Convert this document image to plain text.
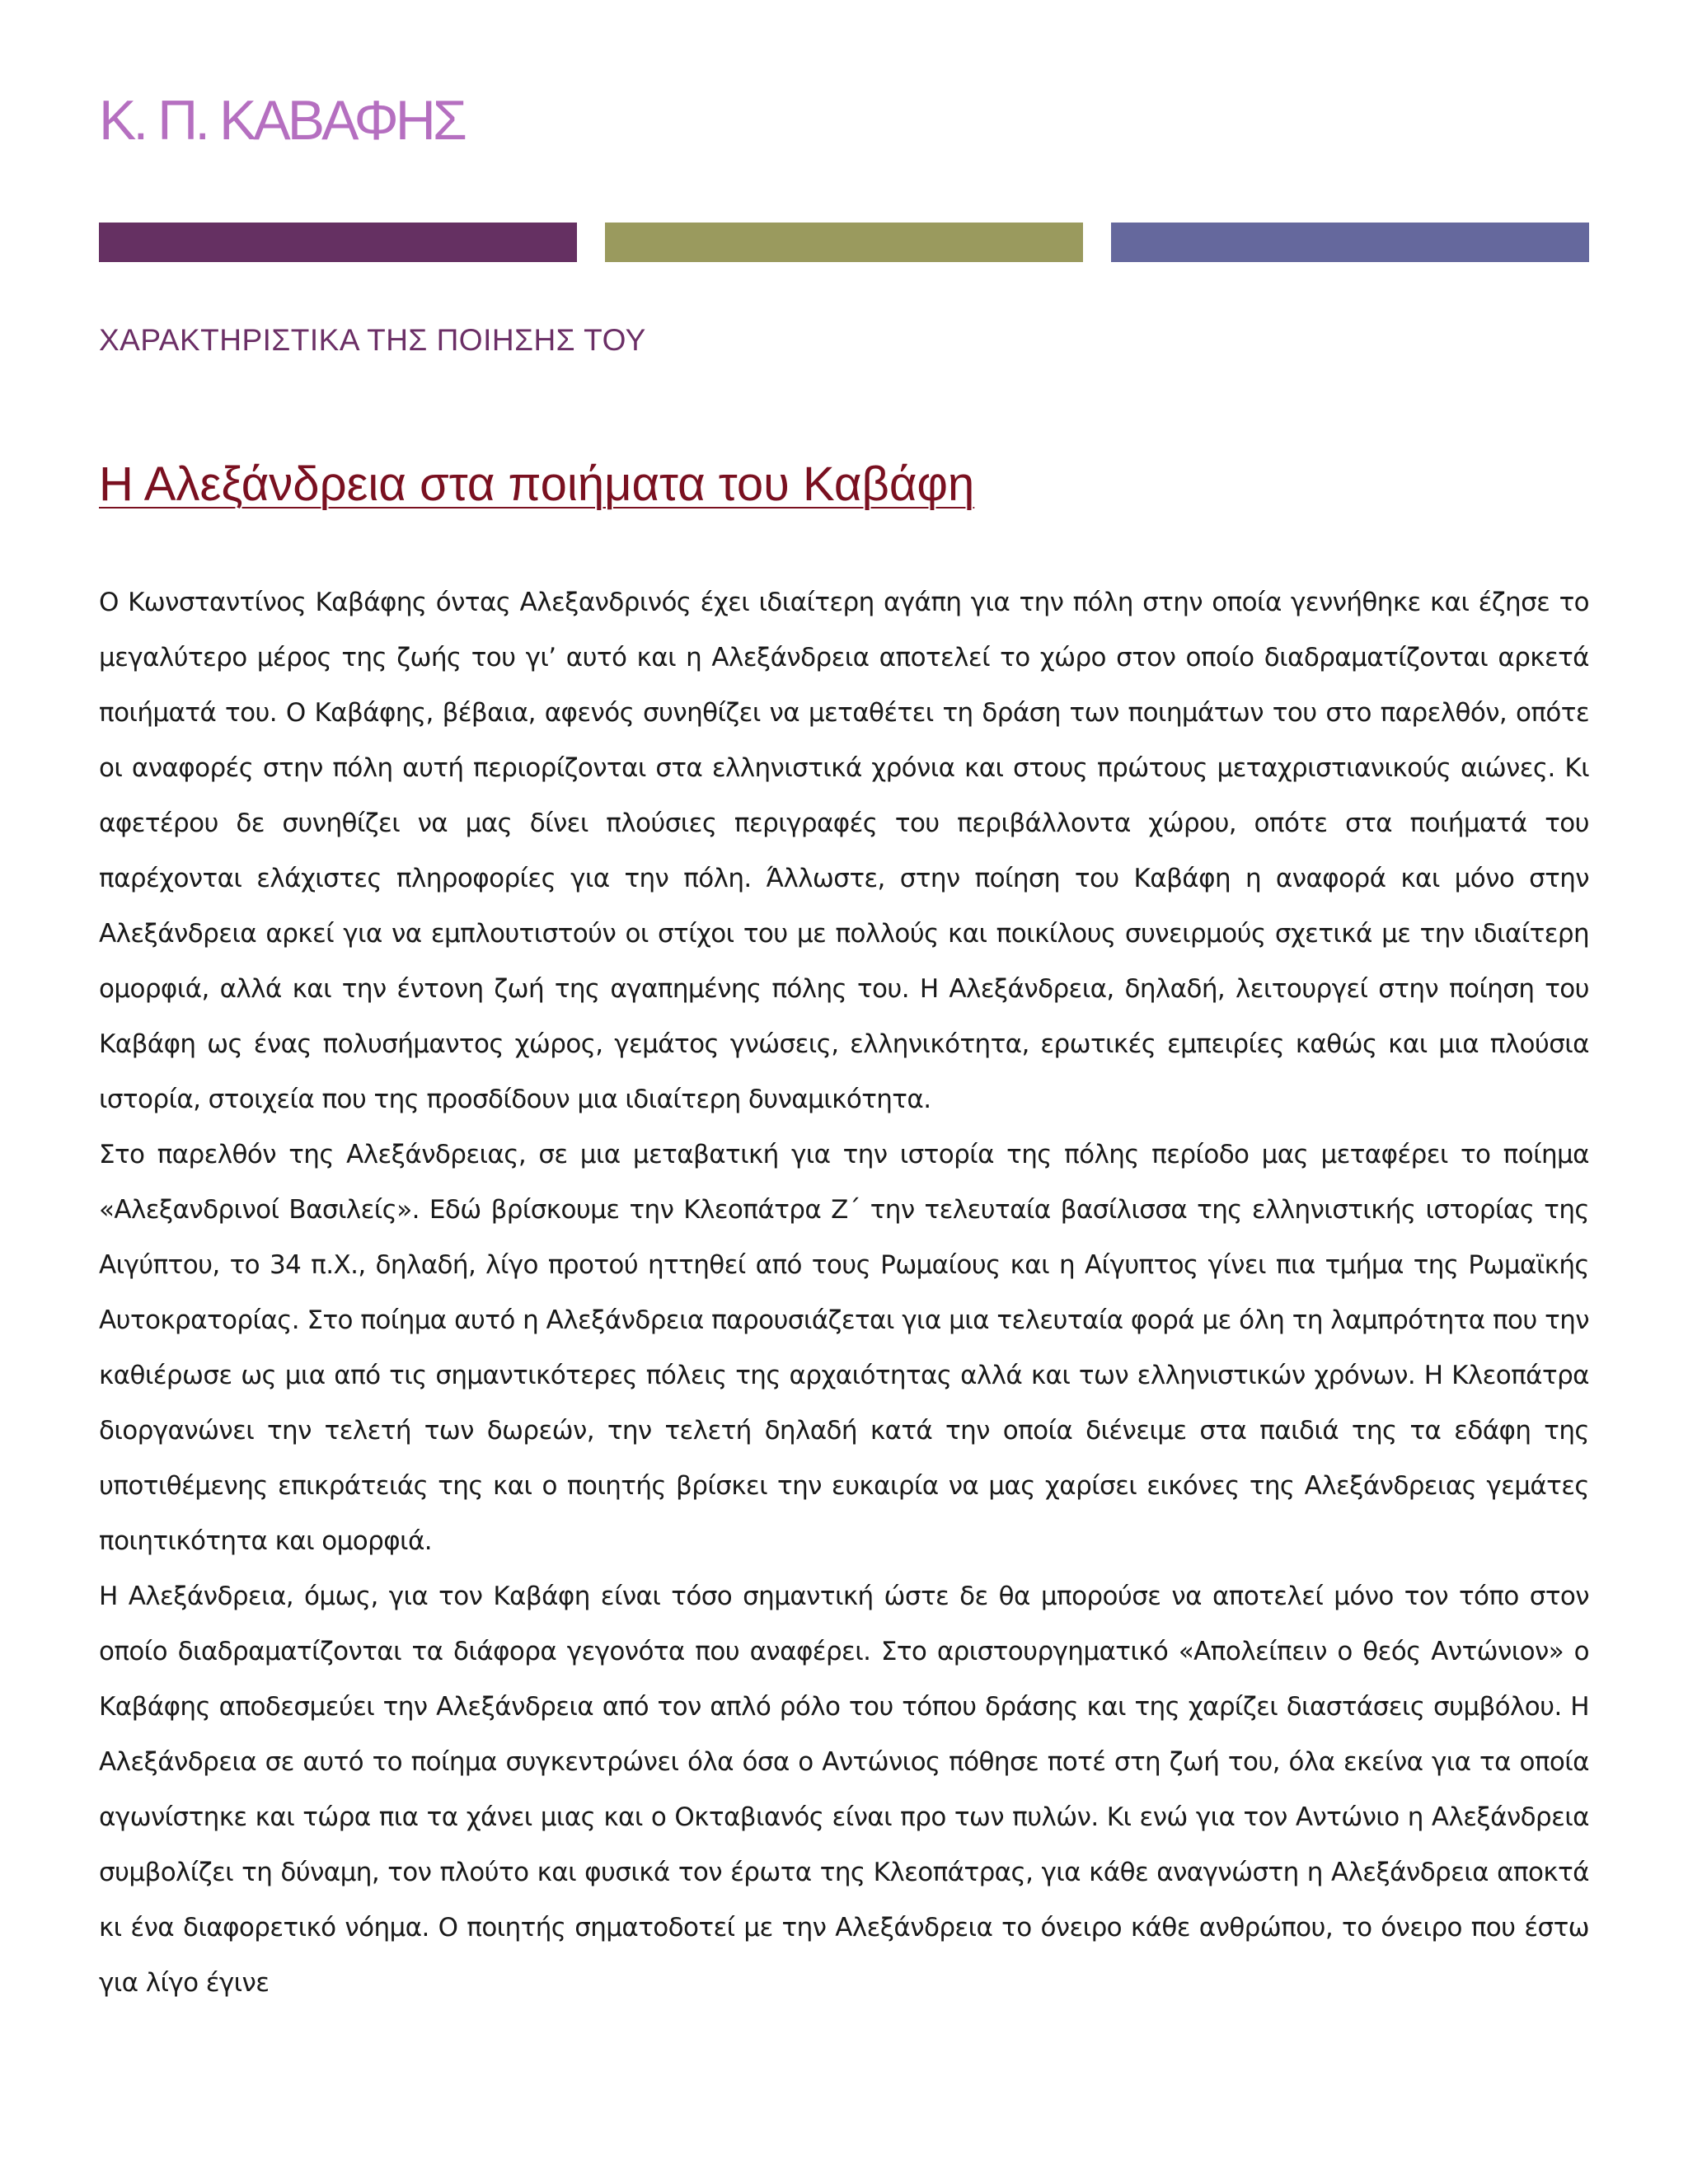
Κ. Π. ΚΑΒΑΦΗΣ
ΧΑΡΑΚΤΗΡΙΣΤΙΚΑ ΤΗΣ ΠΟΙΗΣΗΣ ΤΟΥ
Η Αλεξάνδρεια στα ποιήματα του Καβάφη

Ο Κωνσταντίνος Καβάφης όντας Αλεξανδρινός έχει ιδιαίτερη αγάπη για την πόλη στην οποία γεννήθηκε και έζησε το μεγαλύτερο μέρος της ζωής του γι’ αυτό και η Αλεξάνδρεια αποτελεί το χώρο στον οποίο διαδραματίζονται αρκετά ποιήματά του. Ο Καβάφης, βέβαια, αφενός συνηθίζει να μεταθέτει τη δράση των ποιημάτων του στο παρελθόν, οπότε οι αναφορές στην πόλη αυτή περιορίζονται στα ελληνιστικά χρόνια και στους πρώτους μεταχριστιανικούς αιώνες. Κι αφετέρου δε συνηθίζει να μας δίνει πλούσιες περιγραφές του περιβάλλοντα χώρου, οπότε στα ποιήματά του παρέχονται ελάχιστες πληροφορίες για την πόλη. Άλλωστε, στην ποίηση του Καβάφη η αναφορά και μόνο στην Αλεξάνδρεια αρκεί για να εμπλουτιστούν οι στίχοι του με πολλούς και ποικίλους συνειρμούς σχετικά με την ιδιαίτερη ομορφιά, αλλά και την έντονη ζωή της αγαπημένης πόλης του. Η Αλεξάνδρεια, δηλαδή, λειτουργεί στην ποίηση του Καβάφη ως ένας πολυσήμαντος χώρος, γεμάτος γνώσεις, ελληνικότητα, ερωτικές εμπειρίες καθώς και μια πλούσια ιστορία, στοιχεία που της προσδίδουν μια ιδιαίτερη δυναμικότητα.

Στο παρελθόν της Αλεξάνδρειας, σε μια μεταβατική για την ιστορία της πόλης περίοδο μας μεταφέρει το ποίημα «Αλεξανδρινοί Βασιλείς». Εδώ βρίσκουμε την Κλεοπάτρα Ζ΄ την τελευταία βασίλισσα της ελληνιστικής ιστορίας της Αιγύπτου, το 34 π.Χ., δηλαδή, λίγο προτού ηττηθεί από τους Ρωμαίους και η Αίγυπτος γίνει πια τμήμα της Ρωμαϊκής Αυτοκρατορίας. Στο ποίημα αυτό η Αλεξάνδρεια παρουσιάζεται για μια τελευταία φορά με όλη τη λαμπρότητα που την καθιέρωσε ως μια από τις σημαντικότερες πόλεις της αρχαιότητας αλλά και των ελληνιστικών χρόνων. Η Κλεοπάτρα διοργανώνει την τελετή των δωρεών, την τελετή δηλαδή κατά την οποία διένειμε στα παιδιά της τα εδάφη της υποτιθέμενης επικράτειάς της και ο ποιητής βρίσκει την ευκαιρία να μας χαρίσει εικόνες της Αλεξάνδρειας γεμάτες ποιητικότητα και ομορφιά.

Η Αλεξάνδρεια, όμως, για τον Καβάφη είναι τόσο σημαντική ώστε δε θα μπορούσε να αποτελεί μόνο τον τόπο στον οποίο διαδραματίζονται τα διάφορα γεγονότα που αναφέρει. Στο αριστουργηματικό «Απολείπειν ο θεός Αντώνιον» ο Καβάφης αποδεσμεύει την Αλεξάνδρεια από τον απλό ρόλο του τόπου δράσης και της χαρίζει διαστάσεις συμβόλου. Η Αλεξάνδρεια σε αυτό το ποίημα συγκεντρώνει όλα όσα ο Αντώνιος πόθησε ποτέ στη ζωή του, όλα εκείνα για τα οποία αγωνίστηκε και τώρα πια τα χάνει μιας και ο Οκταβιανός είναι προ των πυλών. Κι ενώ για τον Αντώνιο η Αλεξάνδρεια συμβολίζει τη δύναμη, τον πλούτο και φυσικά τον έρωτα της Κλεοπάτρας, για κάθε αναγνώστη η Αλεξάνδρεια αποκτά κι ένα διαφορετικό νόημα. Ο ποιητής σηματοδοτεί με την Αλεξάνδρεια το όνειρο κάθε ανθρώπου, το όνειρο που έστω για λίγο έγινε
